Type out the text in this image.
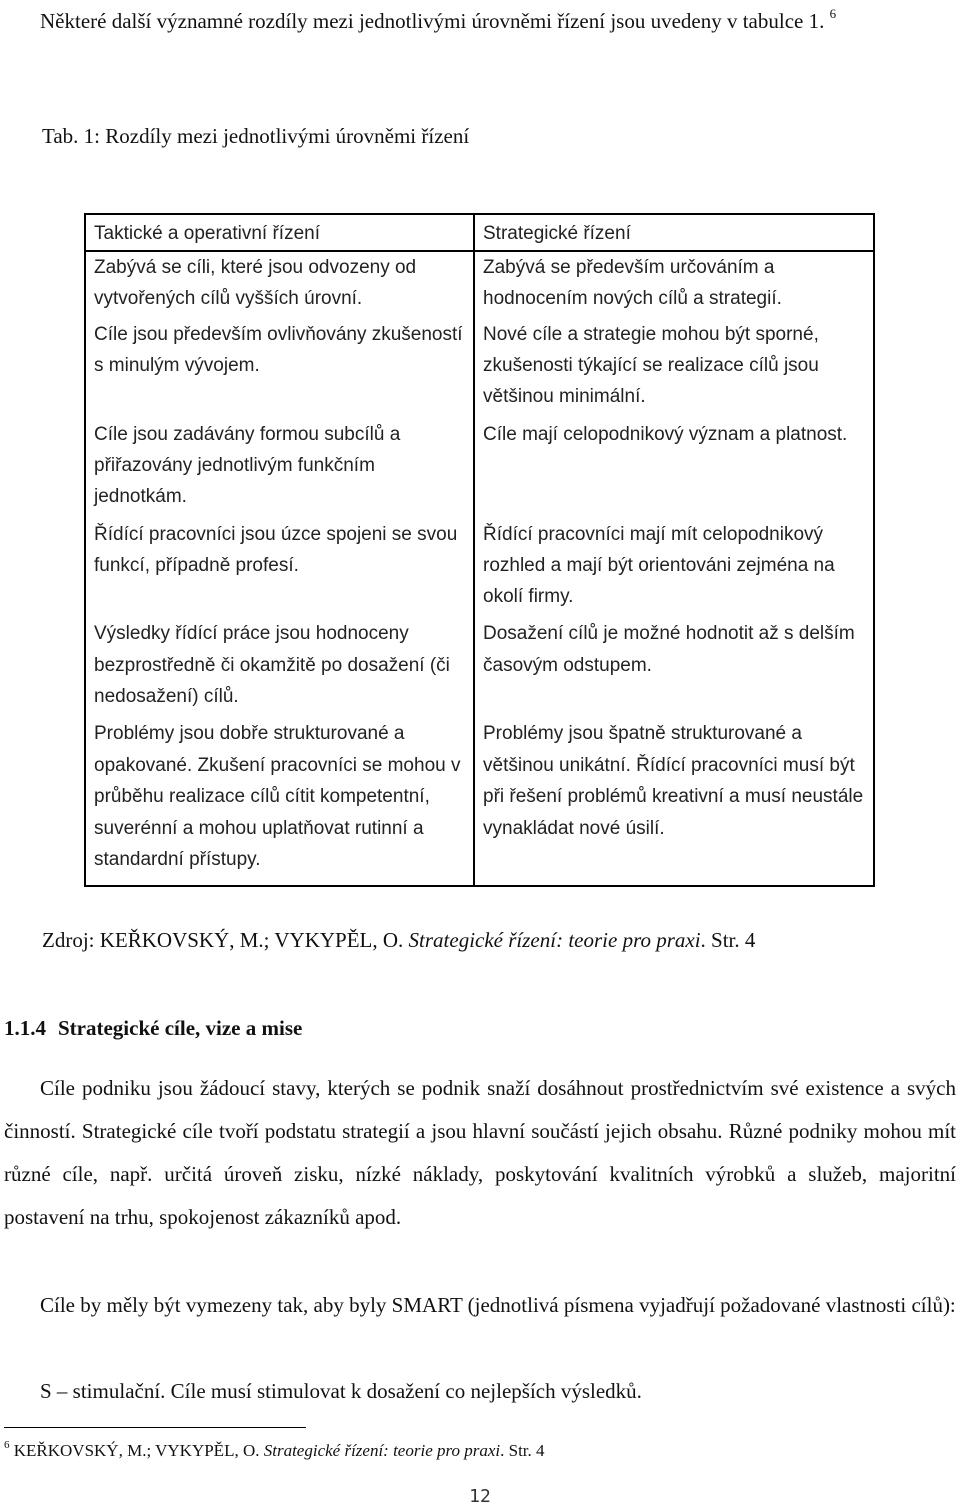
Některé další významné rozdíly mezi jednotlivými úrovněmi řízení jsou uvedeny v tabulce 1. $^6$
Tab. 1: Rozdíly mezi jednotlivými úrovněmi řízení
Taktické a operativní řízení	Strategické řízení
Zabývá se cíli, které jsou odvozeny od vytvořených cílů vyšších úrovní.	Zabývá se především určováním a hodnocením nových cílů a strategií.
Cíle jsou především ovlivňovány zkušeností s minulým vývojem.	Nové cíle a strategie mohou být sporné, zkušenosti týkající se realizace cílů jsou většinou minimální.
Cíle jsou zadávány formou subcílů a přiřazovány jednotlivým funkčním jednotkám.	Cíle mají celopodnikový význam a platnost.
Řídící pracovníci jsou úzce spojeni se svou funkcí, případně profesí.	Řídící pracovníci mají mít celopodnikový rozhled a mají být orientováni zejména na okolí firmy.
Výsledky řídící práce jsou hodnoceny bezprostředně či okamžitě po dosažení (či nedosažení) cílů.	Dosažení cílů je možné hodnotit až s delším časovým odstupem.
Problémy jsou dobře strukturované a opakované. Zkušení pracovníci se mohou v průběhu realizace cílů cítit kompetentní, suverénní a mohou uplatňovat rutinní a standardní přístupy.	Problémy jsou špatně strukturované a většinou unikátní. Řídící pracovníci musí být při řešení problémů kreativní a musí neustále vynakládat nové úsilí.
Zdroj: KEŘKOVSKÝ, M.; VYKYPĚL, O. Strategické řízení: teorie pro praxi. Str. 4
1.1.4 Strategické cíle, vize a mise
Cíle podniku jsou žádoucí stavy, kterých se podnik snaží dosáhnout prostřednictvím své existence a svých činností. Strategické cíle tvoří podstatu strategií a jsou hlavní součástí jejich obsahu. Různé podniky mohou mít různé cíle, např. určitá úroveň zisku, nízké náklady, poskytování kvalitních výrobků a služeb, majoritní postavení na trhu, spokojenost zákazníků apod.
Cíle by měly být vymezeny tak, aby byly SMART (jednotlivá písmena vyjadřují požadované vlastnosti cílů):
S – stimulační. Cíle musí stimulovat k dosažení co nejlepších výsledků.
$^6$ KEŘKOVSKÝ, M.; VYKYPĚL, O. Strategické řízení: teorie pro praxi. Str. 4
12
